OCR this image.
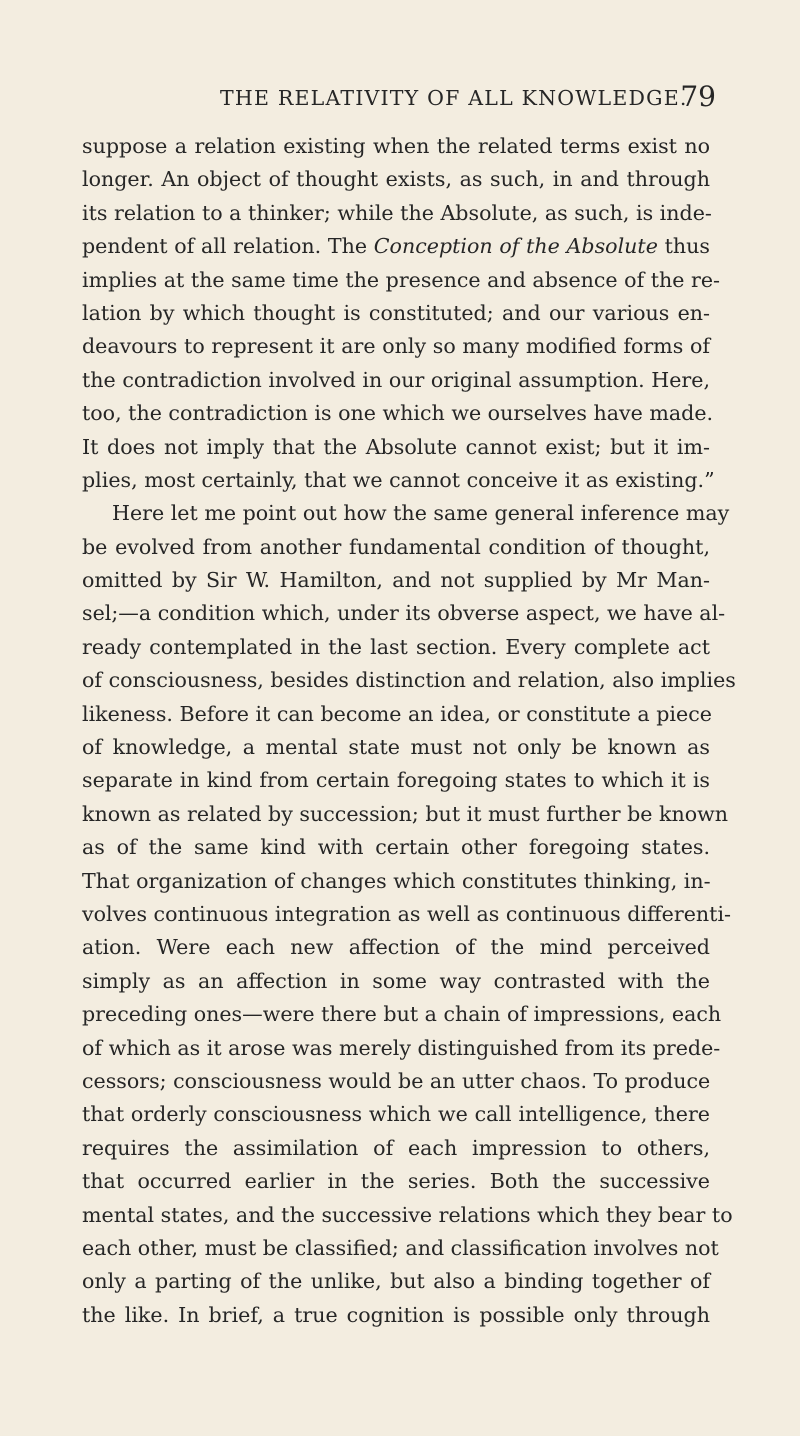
THE RELATIVITY OF ALL KNOWLEDGE.
79
suppose a relation existing when the related terms exist no
longer. An object of thought exists, as such, in and through
its relation to a thinker; while the Absolute, as such, is inde-
pendent of all relation. The Conception of the Absolute thus
implies at the same time the presence and absence of the re-
lation by which thought is constituted; and our various en-
deavours to represent it are only so many modified forms of
the contradiction involved in our original assumption. Here,
too, the contradiction is one which we ourselves have made.
It does not imply that the Absolute cannot exist; but it im-
plies, most certainly, that we cannot conceive it as existing.”
Here let me point out how the same general inference may
be evolved from another fundamental condition of thought,
omitted by Sir W. Hamilton, and not supplied by Mr Man-
sel;—a condition which, under its obverse aspect, we have al-
ready contemplated in the last section. Every complete act
of consciousness, besides distinction and relation, also implies
likeness. Before it can become an idea, or constitute a piece
of knowledge, a mental state must not only be known as
separate in kind from certain foregoing states to which it is
known as related by succession; but it must further be known
as of the same kind with certain other foregoing states.
That organization of changes which constitutes thinking, in-
volves continuous integration as well as continuous differenti-
ation. Were each new affection of the mind perceived
simply as an affection in some way contrasted with the
preceding ones—were there but a chain of impressions, each
of which as it arose was merely distinguished from its prede-
cessors; consciousness would be an utter chaos. To produce
that orderly consciousness which we call intelligence, there
requires the assimilation of each impression to others,
that occurred earlier in the series. Both the successive
mental states, and the successive relations which they bear to
each other, must be classified; and classification involves not
only a parting of the unlike, but also a binding together of
the like. In brief, a true cognition is possible only through
